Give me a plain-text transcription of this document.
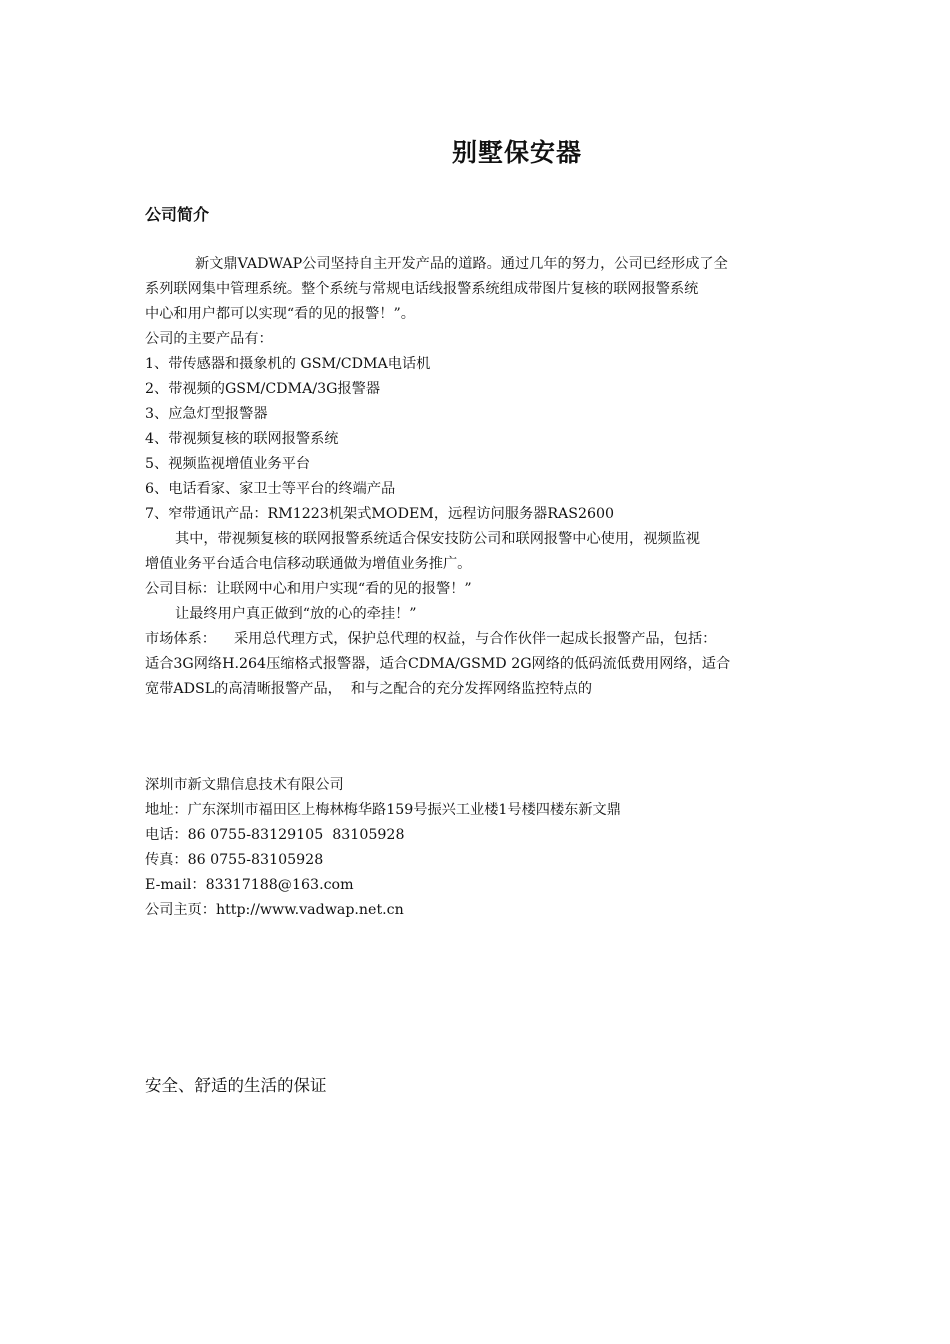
别墅保安器
公司简介
新文鼎VADWAP公司坚持自主开发产品的道路。通过几年的努力，公司已经形成了全
系列联网集中管理系统。整个系统与常规电话线报警系统组成带图片复核的联网报警系统
中心和用户都可以实现“看的见的报警！”。
公司的主要产品有：
1、带传感器和摄象机的 GSM/CDMA电话机
2、带视频的GSM/CDMA/3G报警器
3、应急灯型报警器
4、带视频复核的联网报警系统
5、视频监视增值业务平台
6、电话看家、家卫士等平台的终端产品
7、窄带通讯产品：RM1223机架式MODEM，远程访问服务器RAS2600
其中，带视频复核的联网报警系统适合保安技防公司和联网报警中心使用，视频监视
增值业务平台适合电信移动联通做为增值业务推广。
公司目标：让联网中心和用户实现“看的见的报警！”
让最终用户真正做到“放的心的牵挂！”
市场体系：    采用总代理方式，保护总代理的权益，与合作伙伴一起成长报警产品，包括：
适合3G网络H.264压缩格式报警器，适合CDMA/GSMD 2G网络的低码流低费用网络，适合
宽带ADSL的高清晰报警产品，  和与之配合的充分发挥网络监控特点的
深圳市新文鼎信息技术有限公司
地址：广东深圳市福田区上梅林梅华路159号振兴工业楼1号楼四楼东新文鼎
电话：86 0755-83129105  83105928
传真：86 0755-83105928
E-mail：83317188@163.com
公司主页：http://www.vadwap.net.cn
安全、舒适的生活的保证
